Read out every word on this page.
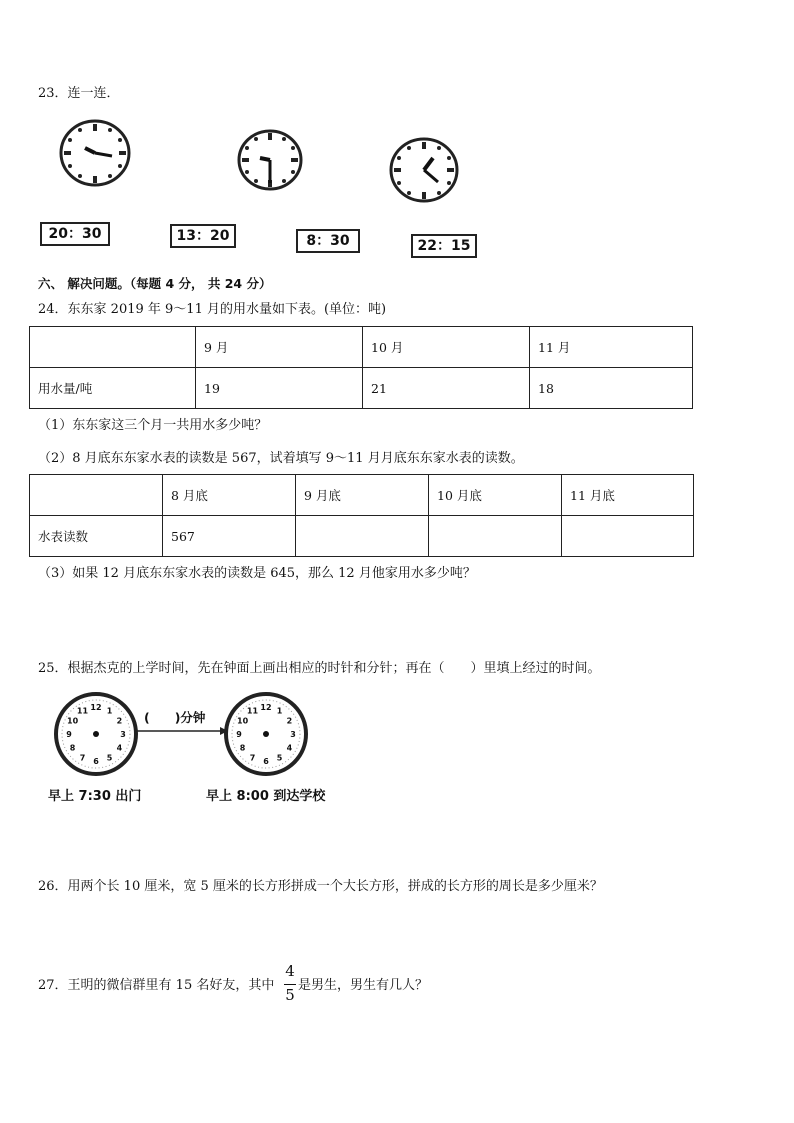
23．连一连．
20：30	13：20	8：30	22：15
六、 解决问题。（每题 4 分， 共 24 分）
24．东东家 2019 年 9～11 月的用水量如下表。(单位：吨)
	9 月	10 月	11 月
用水量/吨	19	21	18
（1）东东家这三个月一共用水多少吨？
（2）8 月底东东家水表的读数是 567，试着填写 9～11 月月底东东家水表的读数。
	8 月底	9 月底	10 月底	11 月底
水表读数	567			
（3）如果 12 月底东东家水表的读数是 645，那么 12 月他家用水多少吨？
25．根据杰克的上学时间，先在钟面上画出相应的时针和分针；再在（　　）里填上经过的时间。
12 1
2
3
4
5
6
7
8
9
10
11	(　　)分钟
12 1
2
3
4
5
6
7
8
9
10
11
早上 7:30 出门	早上 8:00 到达学校
26．用两个长 10 厘米，宽 5 厘米的长方形拼成一个大长方形，拼成的长方形的周长是多少厘米？
27．王明的微信群里有 15 名好友，其中
4
5
是男生，男生有几人？
